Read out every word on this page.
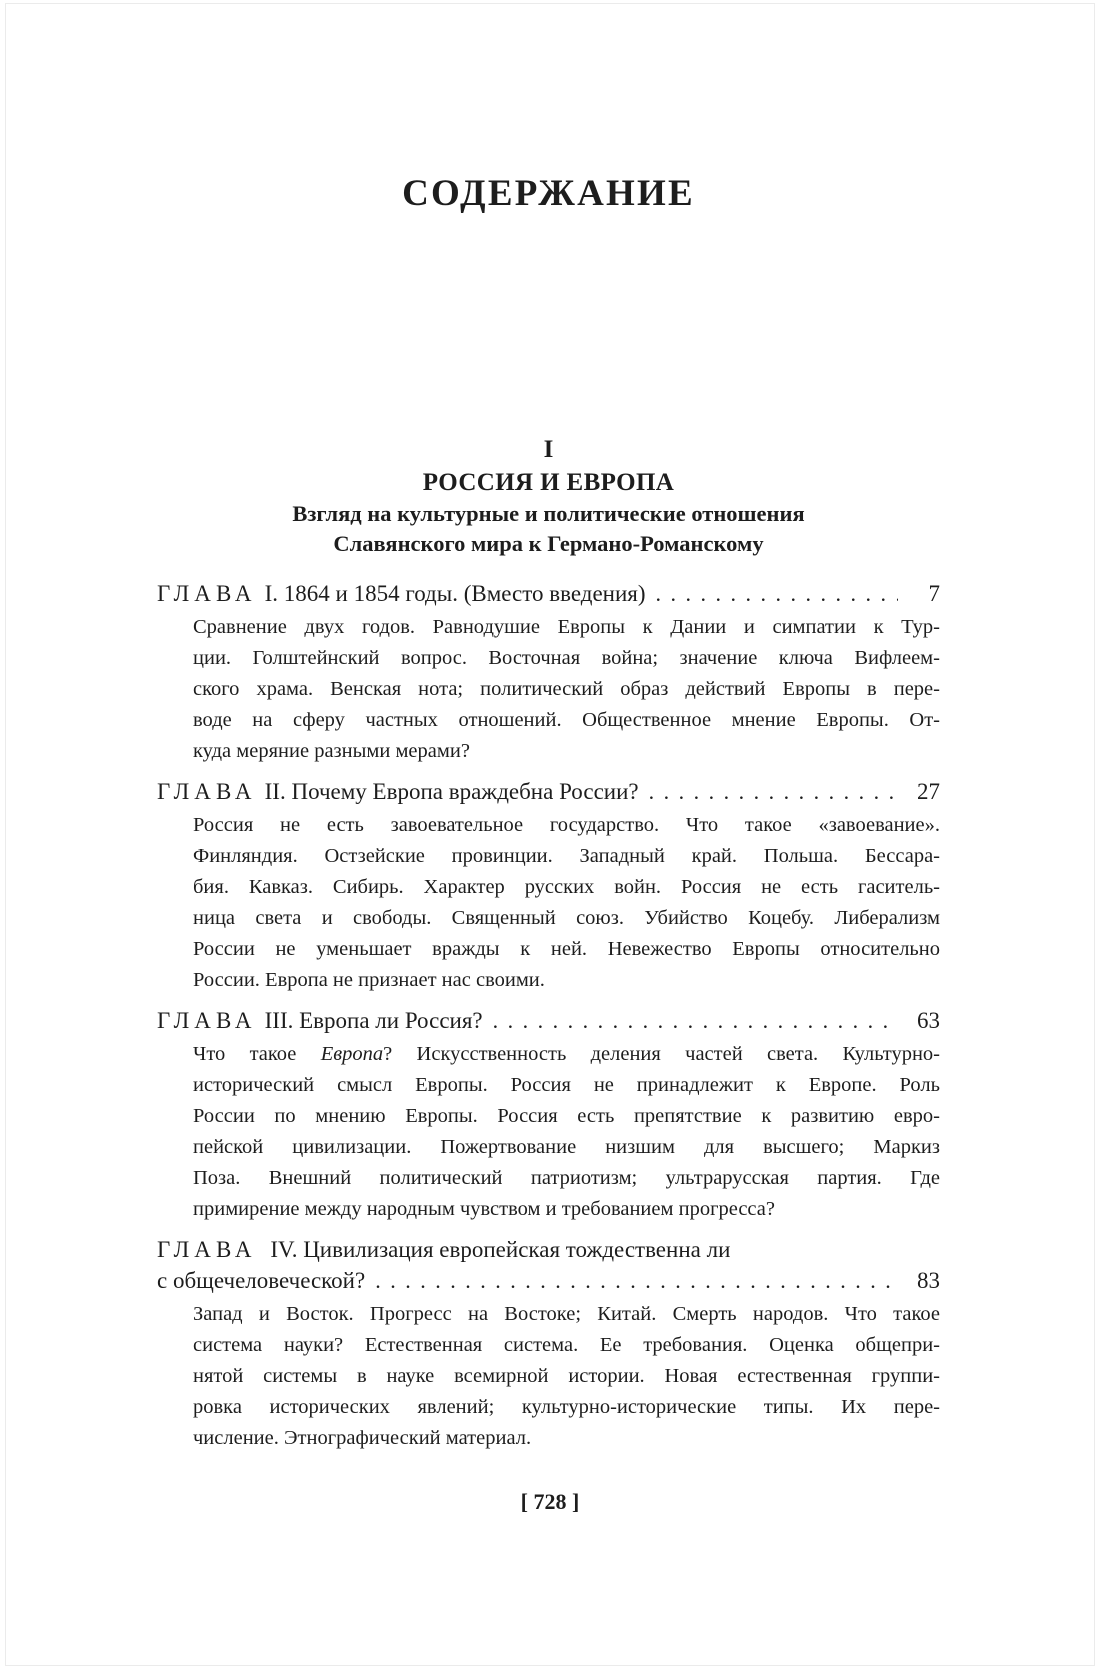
СОДЕРЖАНИЕ
I
РОССИЯ И ЕВРОПА
Взгляд на культурные и политические отношения
Славянского мира к Германо-Романскому
ГЛАВА I. 1864 и 1854 годы. (Вместо введения) . . .	7
Сравнение двух годов. Равнодушие Европы к Дании и симпатии к Тур-
ции. Голштейнский вопрос. Восточная война; значение ключа Вифлеем-
ского храма. Венская нота; политический образ действий Европы в пере-
воде на сферу частных отношений. Общественное мнение Европы. От-
куда меряние разными мерами?
ГЛАВА II. Почему Европа враждебна России? . . .	27
Россия не есть завоевательное государство. Что такое «завоевание».
Финляндия. Остзейские провинции. Западный край. Польша. Бессара-
бия. Кавказ. Сибирь. Характер русских войн. Россия не есть гаситель-
ница света и свободы. Священный союз. Убийство Коцебу. Либерализм
России не уменьшает вражды к ней. Невежество Европы относительно
России. Европа не признает нас своими.
ГЛАВА III. Европа ли Россия? . . .	63
Что такое Европа? Искусственность деления частей света. Культурно-
исторический смысл Европы. Россия не принадлежит к Европе. Роль
России по мнению Европы. Россия есть препятствие к развитию евро-
пейской цивилизации. Пожертвование низшим для высшего; Маркиз
Поза. Внешний политический патриотизм; ультрарусская партия. Где
примирение между народным чувством и требованием прогресса?
ГЛАВА IV. Цивилизация европейская тождественна ли
с общечеловеческой? . . .	83
Запад и Восток. Прогресс на Востоке; Китай. Смерть народов. Что такое
система науки? Естественная система. Ее требования. Оценка общепри-
нятой системы в науке всемирной истории. Новая естественная группи-
ровка исторических явлений; культурно-исторические типы. Их пере-
числение. Этнографический материал.
[ 728 ]
